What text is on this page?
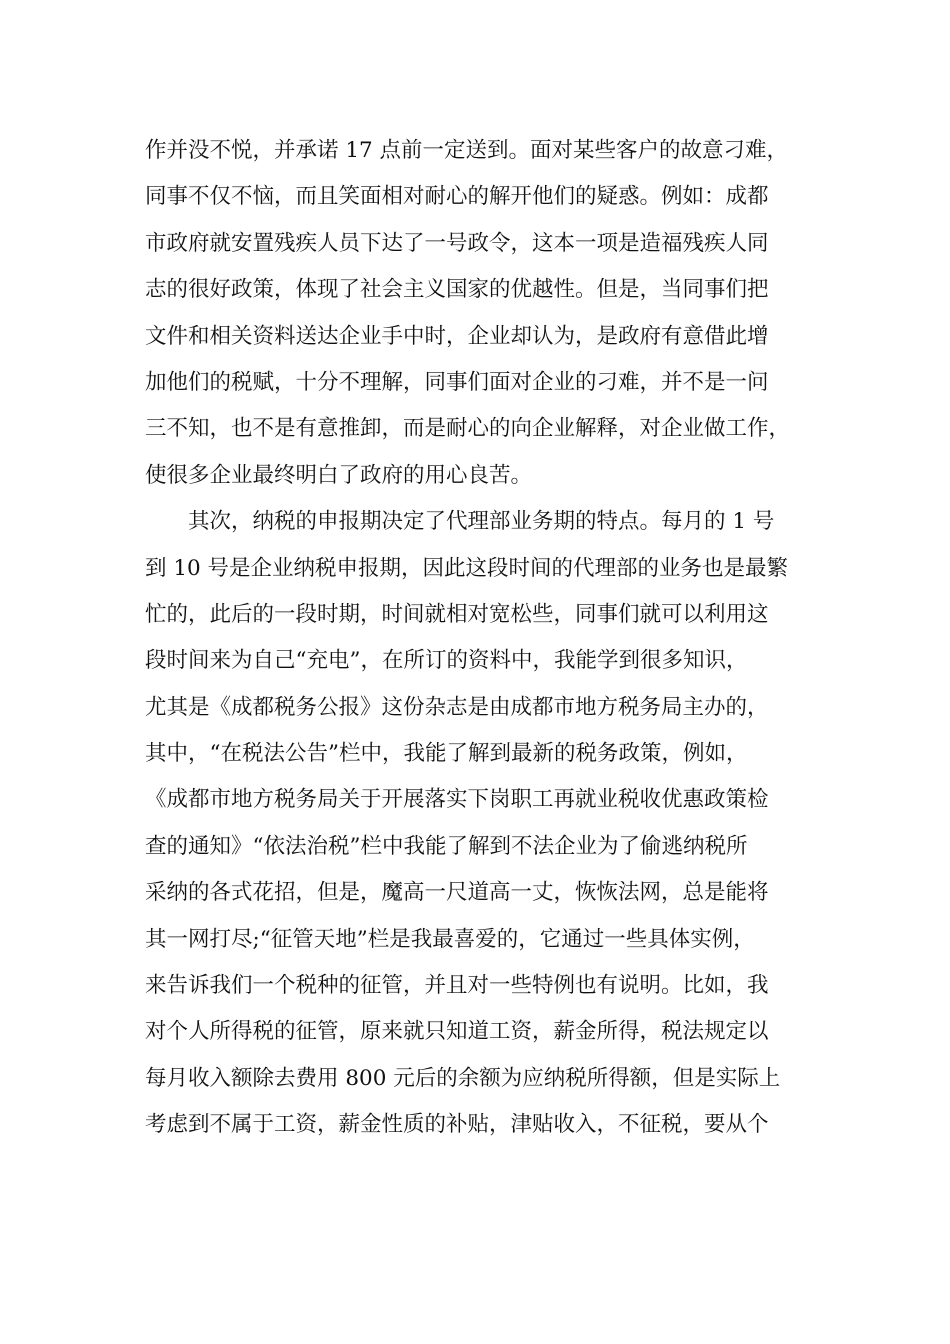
作并没不悦，并承诺 17 点前一定送到。面对某些客户的故意刁难，
同事不仅不恼，而且笑面相对耐心的解开他们的疑惑。例如：成都
市政府就安置残疾人员下达了一号政令，这本一项是造福残疾人同
志的很好政策，体现了社会主义国家的优越性。但是，当同事们把
文件和相关资料送达企业手中时，企业却认为，是政府有意借此增
加他们的税赋，十分不理解，同事们面对企业的刁难，并不是一问
三不知，也不是有意推卸，而是耐心的向企业解释，对企业做工作，
使很多企业最终明白了政府的用心良苦。
其次，纳税的申报期决定了代理部业务期的特点。每月的 1 号
到 10 号是企业纳税申报期，因此这段时间的代理部的业务也是最繁
忙的，此后的一段时期，时间就相对宽松些，同事们就可以利用这
段时间来为自己“充电”，在所订的资料中，我能学到很多知识，
尤其是《成都税务公报》这份杂志是由成都市地方税务局主办的，
其中，“在税法公告”栏中，我能了解到最新的税务政策，例如，
《成都市地方税务局关于开展落实下岗职工再就业税收优惠政策检
查的通知》“依法治税”栏中我能了解到不法企业为了偷逃纳税所
采纳的各式花招，但是，魔高一尺道高一丈，恢恢法网，总是能将
其一网打尽;“征管天地”栏是我最喜爱的，它通过一些具体实例，
来告诉我们一个税种的征管，并且对一些特例也有说明。比如，我
对个人所得税的征管，原来就只知道工资，薪金所得，税法规定以
每月收入额除去费用 800 元后的余额为应纳税所得额，但是实际上
考虑到不属于工资，薪金性质的补贴，津贴收入，不征税，要从个
